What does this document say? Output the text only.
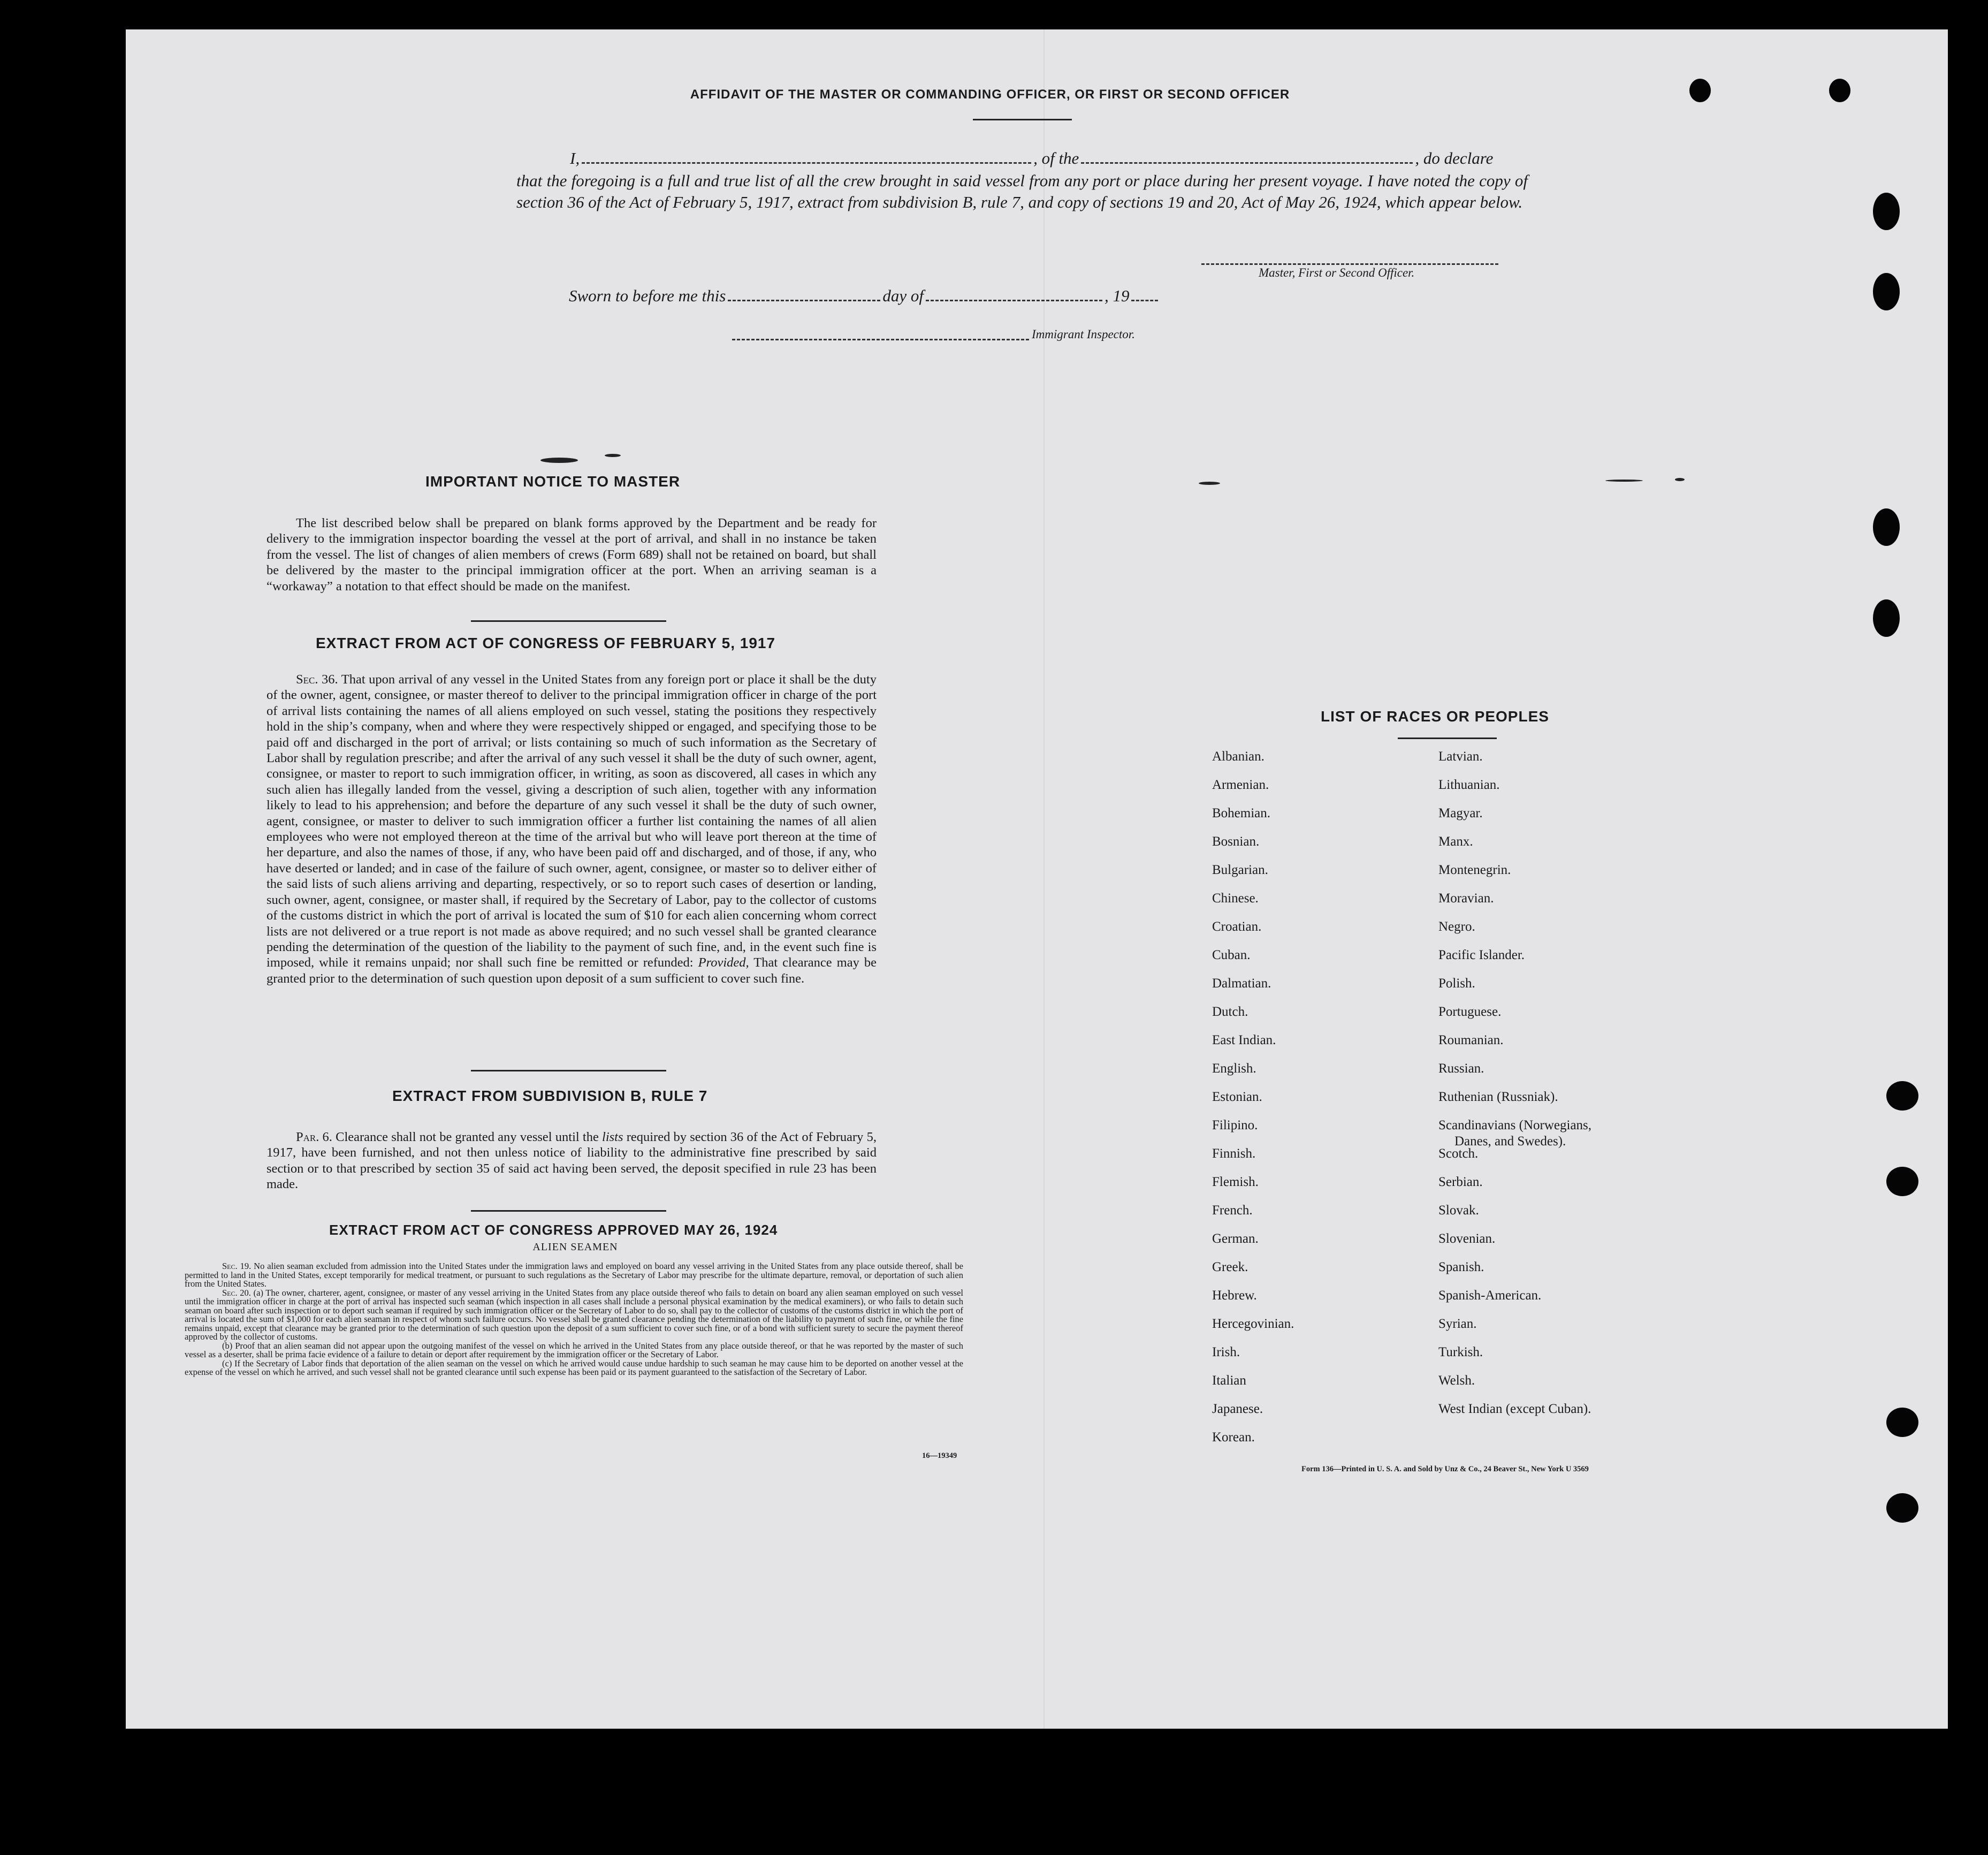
AFFIDAVIT OF THE MASTER OR COMMANDING OFFICER, OR FIRST OR SECOND OFFICER
I,	, of the	, do declare
that the foregoing is a full and true list of all the crew brought in said vessel from any port or place during her present voyage. I have noted the copy of section 36 of the Act of February 5, 1917, extract from subdivision B, rule 7, and copy of sections 19 and 20, Act of May 26, 1924, which appear below.
Master, First or Second Officer.
Sworn to before me this	day of	, 19
Immigrant Inspector.
IMPORTANT NOTICE TO MASTER

The list described below shall be prepared on blank forms approved by the Department and be ready for delivery to the immigration inspector boarding the vessel at the port of arrival, and shall in no instance be taken from the vessel. The list of changes of alien members of crews (Form 689) shall not be retained on board, but shall be delivered by the master to the principal immigration officer at the port. When an arriving seaman is a “workaway” a notation to that effect should be made on the manifest.

EXTRACT FROM ACT OF CONGRESS OF FEBRUARY 5, 1917

Sec. 36. That upon arrival of any vessel in the United States from any foreign port or place it shall be the duty of the owner, agent, consignee, or master thereof to deliver to the principal immigration officer in charge of the port of arrival lists containing the names of all aliens employed on such vessel, stating the positions they respectively hold in the ship’s company, when and where they were respectively shipped or engaged, and specifying those to be paid off and discharged in the port of arrival; or lists containing so much of such information as the Secretary of Labor shall by regulation prescribe; and after the arrival of any such vessel it shall be the duty of such owner, agent, consignee, or master to report to such immigration officer, in writing, as soon as discovered, all cases in which any such alien has illegally landed from the vessel, giving a description of such alien, together with any information likely to lead to his apprehension; and before the departure of any such vessel it shall be the duty of such owner, agent, consignee, or master to deliver to such immigration officer a further list containing the names of all alien employees who were not employed thereon at the time of the arrival but who will leave port thereon at the time of her departure, and also the names of those, if any, who have been paid off and discharged, and of those, if any, who have deserted or landed; and in case of the failure of such owner, agent, consignee, or master so to deliver either of the said lists of such aliens arriving and departing, respectively, or so to report such cases of desertion or landing, such owner, agent, consignee, or master shall, if required by the Secretary of Labor, pay to the collector of customs of the customs district in which the port of arrival is located the sum of $10 for each alien concerning whom correct lists are not delivered or a true report is not made as above required; and no such vessel shall be granted clearance pending the determination of the question of the liability to the payment of such fine, and, in the event such fine is imposed, while it remains unpaid; nor shall such fine be remitted or refunded: Provided, That clearance may be granted prior to the determination of such question upon deposit of a sum sufficient to cover such fine.

EXTRACT FROM SUBDIVISION B, RULE 7

Par. 6. Clearance shall not be granted any vessel until the lists required by section 36 of the Act of February 5, 1917, have been furnished, and not then unless notice of liability to the administrative fine prescribed by said section or to that prescribed by section 35 of said act having been served, the deposit specified in rule 23 has been made.

EXTRACT FROM ACT OF CONGRESS APPROVED MAY 26, 1924
ALIEN SEAMEN

Sec. 19. No alien seaman excluded from admission into the United States under the immigration laws and employed on board any vessel arriving in the United States from any place outside thereof, shall be permitted to land in the United States, except temporarily for medical treatment, or pursuant to such regulations as the Secretary of Labor may prescribe for the ultimate departure, removal, or deportation of such alien from the United States.

Sec. 20. (a) The owner, charterer, agent, consignee, or master of any vessel arriving in the United States from any place outside thereof who fails to detain on board any alien seaman employed on such vessel until the immigration officer in charge at the port of arrival has inspected such seaman (which inspection in all cases shall include a personal physical examination by the medical examiners), or who fails to detain such seaman on board after such inspection or to deport such seaman if required by such immigration officer or the Secretary of Labor to do so, shall pay to the collector of customs of the customs district in which the port of arrival is located the sum of $1,000 for each alien seaman in respect of whom such failure occurs. No vessel shall be granted clearance pending the determination of the liability to payment of such fine, or while the fine remains unpaid, except that clearance may be granted prior to the determination of such question upon the deposit of a sum sufficient to cover such fine, or of a bond with sufficient surety to secure the payment thereof approved by the collector of customs.

(b) Proof that an alien seaman did not appear upon the outgoing manifest of the vessel on which he arrived in the United States from any place outside thereof, or that he was reported by the master of such vessel as a deserter, shall be prima facie evidence of a failure to detain or deport after requirement by the immigration officer or the Secretary of Labor.

(c) If the Secretary of Labor finds that deportation of the alien seaman on the vessel on which he arrived would cause undue hardship to such seaman he may cause him to be deported on another vessel at the expense of the vessel on which he arrived, and such vessel shall not be granted clearance until such expense has been paid or its payment guaranteed to the satisfaction of the Secretary of Labor.

16—19349
LIST OF RACES OR PEOPLES
Albanian.
Armenian.
Bohemian.
Bosnian.
Bulgarian.
Chinese.
Croatian.
Cuban.
Dalmatian.
Dutch.
East Indian.
English.
Estonian.
Filipino.
Finnish.
Flemish.
French.
German.
Greek.
Hebrew.
Hercegovinian.
Irish.
Italian
Japanese.
Korean.
Latvian.
Lithuanian.
Magyar.
Manx.
Montenegrin.
Moravian.
Negro.
Pacific Islander.
Polish.
Portuguese.
Roumanian.
Russian.
Ruthenian (Russniak).
Scandinavians (Norwegians,
Danes, and Swedes).
Scotch.
Serbian.
Slovak.
Slovenian.
Spanish.
Spanish-American.
Syrian.
Turkish.
Welsh.
West Indian (except Cuban).
Form 136—Printed in U. S. A. and Sold by Unz & Co., 24 Beaver St., New York U 3569
